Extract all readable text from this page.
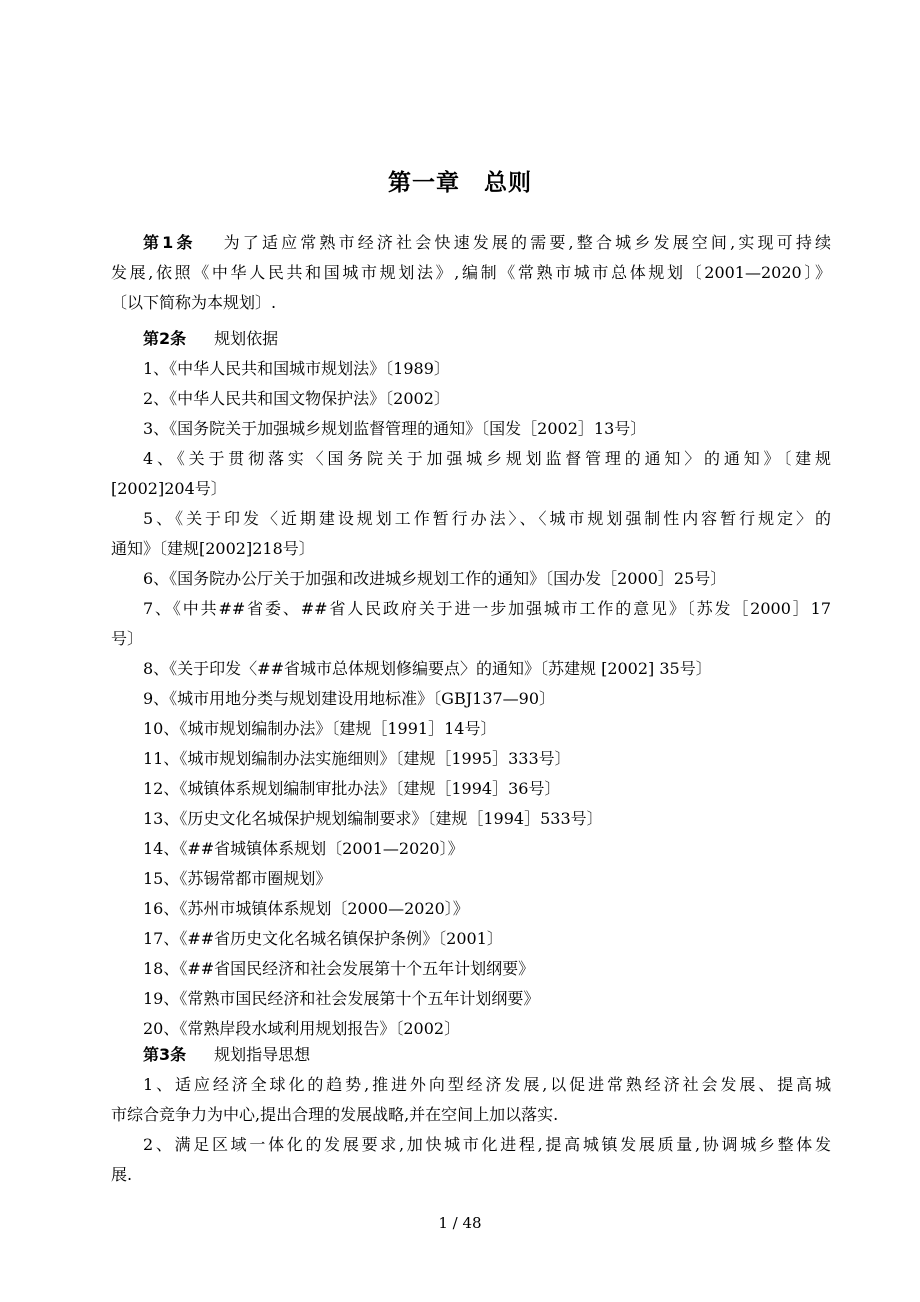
第一章　总则
第1条 为了适应常熟市经济社会快速发展的需要,整合城乡发展空间,实现可持续
发展,依照《中华人民共和国城市规划法》,编制《常熟市城市总体规划〔2001—2020〕》
〔以下简称为本规划〕.
第2条 规划依据
1、《中华人民共和国城市规划法》〔1989〕
2、《中华人民共和国文物保护法》〔2002〕
3、《国务院关于加强城乡规划监督管理的通知》〔国发［2002］13号〕
4、《关于贯彻落实〈国务院关于加强城乡规划监督管理的通知〉的通知》〔建规
[2002]204号〕
5、《关于印发〈近期建设规划工作暂行办法〉、〈城市规划强制性内容暂行规定〉的
通知》〔建规[2002]218号〕
6、《国务院办公厅关于加强和改进城乡规划工作的通知》〔国办发［2000］25号〕
7、《中共##省委、##省人民政府关于进一步加强城市工作的意见》〔苏发［2000］17
号〕
8、《关于印发〈##省城市总体规划修编要点〉的通知》〔苏建规 [2002] 35号〕
9、《城市用地分类与规划建设用地标准》〔GBJ137—90〕
10、《城市规划编制办法》〔建规［1991］14号〕
11、《城市规划编制办法实施细则》〔建规［1995］333号〕
12、《城镇体系规划编制审批办法》〔建规［1994］36号〕
13、《历史文化名城保护规划编制要求》〔建规［1994］533号〕
14、《##省城镇体系规划〔2001—2020〕》
15、《苏锡常都市圈规划》
16、《苏州市城镇体系规划〔2000—2020〕》
17、《##省历史文化名城名镇保护条例》〔2001〕
18、《##省国民经济和社会发展第十个五年计划纲要》
19、《常熟市国民经济和社会发展第十个五年计划纲要》
20、《常熟岸段水域利用规划报告》〔2002〕
第3条 规划指导思想
1、适应经济全球化的趋势,推进外向型经济发展,以促进常熟经济社会发展、提高城
市综合竞争力为中心,提出合理的发展战略,并在空间上加以落实.
2、满足区域一体化的发展要求,加快城市化进程,提高城镇发展质量,协调城乡整体发
展.
1 / 48
